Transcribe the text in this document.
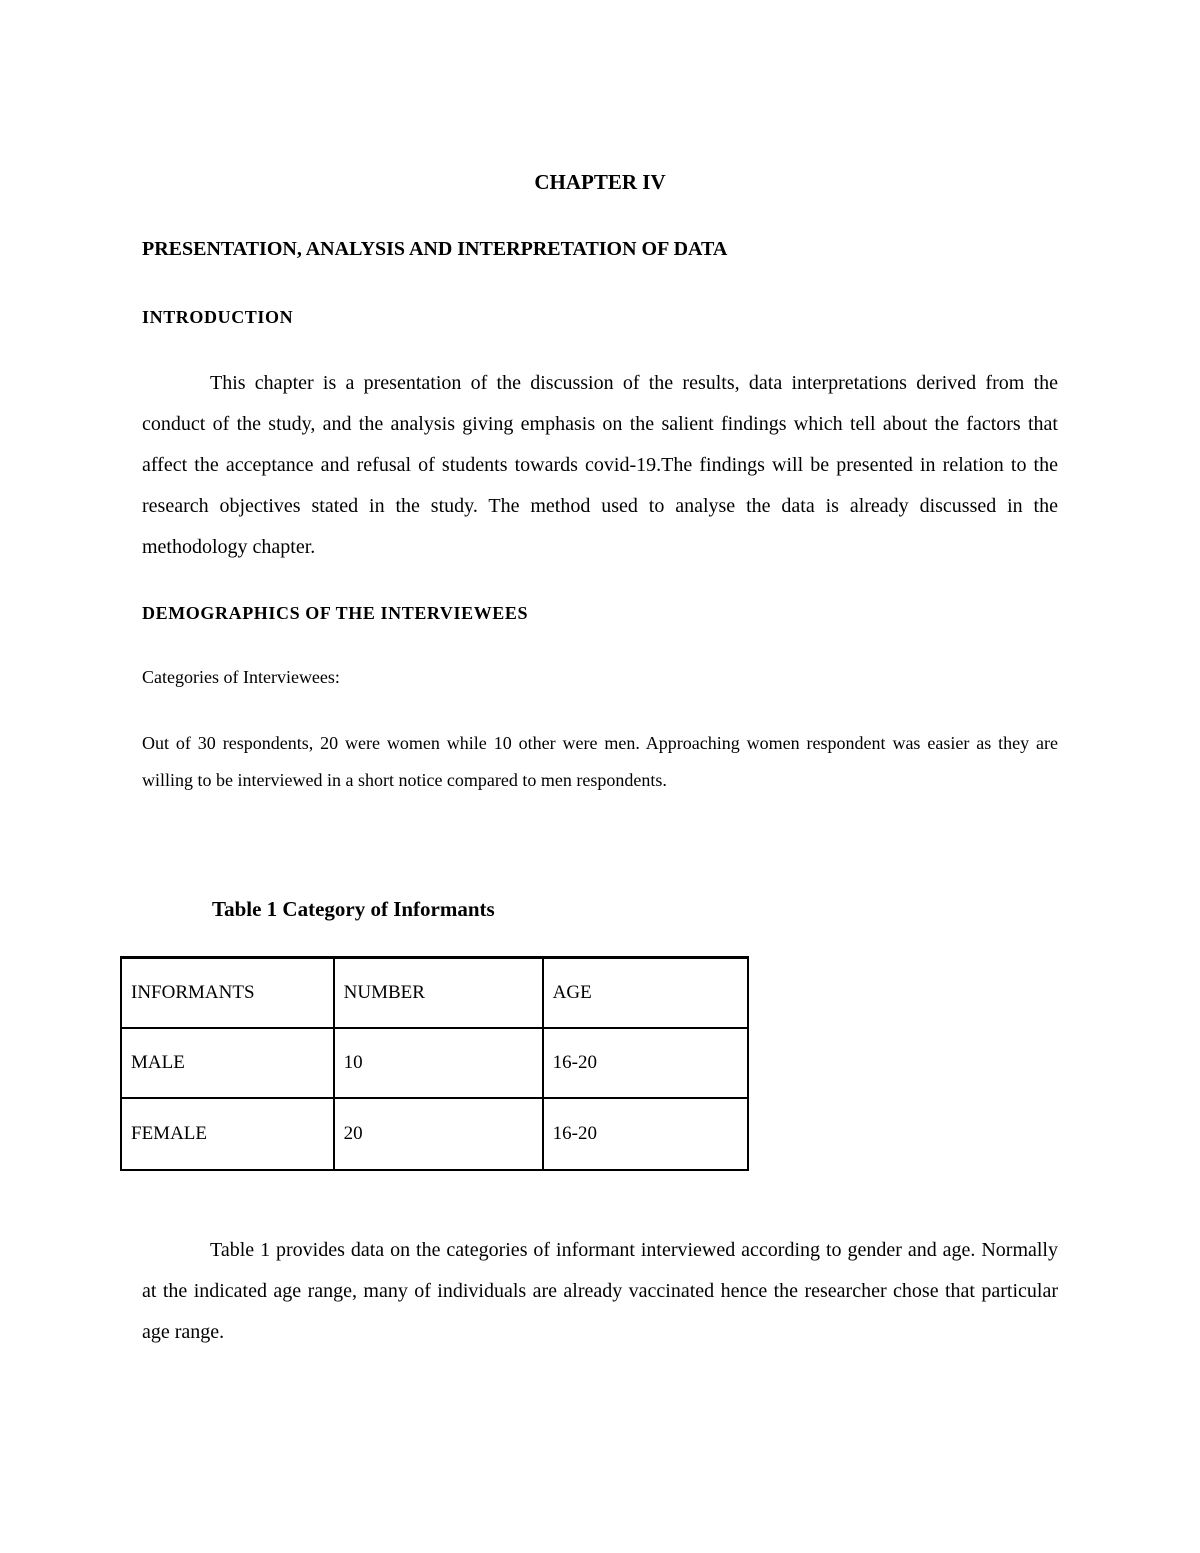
CHAPTER IV
PRESENTATION, ANALYSIS AND INTERPRETATION OF DATA
INTRODUCTION

This chapter is a presentation of the discussion of the results, data interpretations derived from the conduct of the study, and the analysis giving emphasis on the salient findings which tell about the factors that affect the acceptance and refusal of students towards covid-19.The findings will be presented in relation to the research objectives stated in the study. The method used to analyse the data is already discussed in the methodology chapter.

DEMOGRAPHICS OF THE INTERVIEWEES

Categories of Interviewees:

Out of 30 respondents, 20 were women while 10 other were men. Approaching women respondent was easier as they are willing to be interviewed in a short notice compared to men respondents.

Table 1 Category of Informants
INFORMANTS	NUMBER	AGE
MALE	10	16-20
FEMALE	20	16-20

Table 1 provides data on the categories of informant interviewed according to gender and age. Normally at the indicated age range, many of individuals are already vaccinated hence the researcher chose that particular age range.
